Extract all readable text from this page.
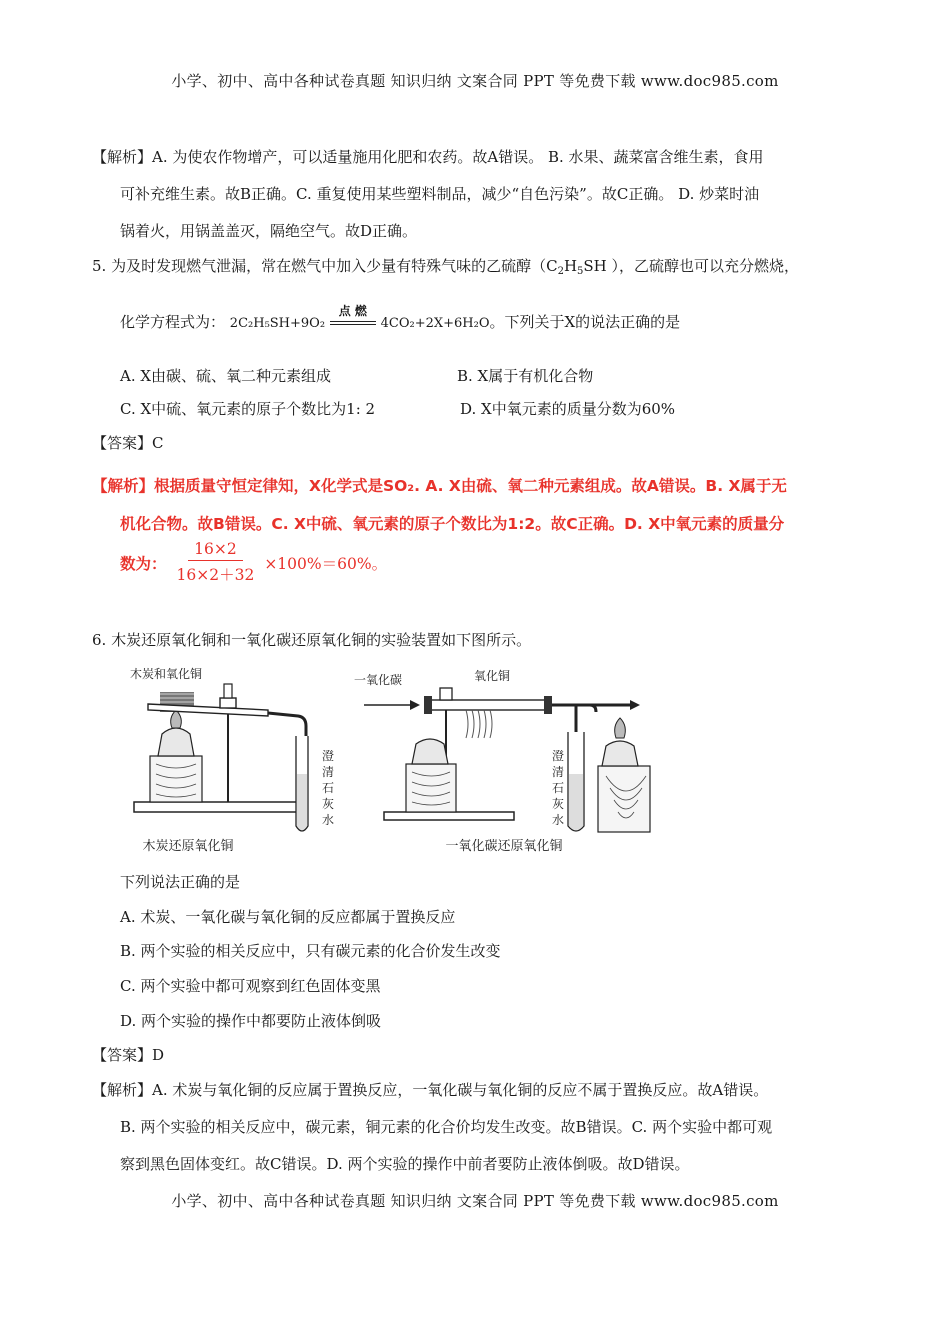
小学、初中、高中各种试卷真题 知识归纳 文案合同 PPT 等免费下载 www.doc985.com
【解析】A. 为使农作物增产，可以适量施用化肥和农药。故A错误。 B. 水果、蔬菜富含维生素，食用
可补充维生素。故B正确。C. 重复使用某些塑料制品，减少“自色污染”。故C正确。 D. 炒菜时油
锅着火，用锅盖盖灭，隔绝空气。故D正确。
5. 为及时发现燃气泄漏，常在燃气中加入少量有特殊气味的乙硫醇（$C_2H_5SH$ ），乙硫醇也可以充分燃烧，
化学方程式为： 2C₂H₅SH+9O₂
点 燃
4CO₂+2X+6H₂O。下列关于X的说法正确的是
A. X由碳、硫、氧二种元素组成	B. X属于有机化合物
C. X中硫、氧元素的原子个数比为1: 2	D. X中氧元素的质量分数为60%
【答案】C
【解析】根据质量守恒定律知，X化学式是SO₂. A. X由硫、氧二种元素组成。故A错误。B. X属于无
机化合物。故B错误。C. X中硫、氧元素的原子个数比为1:2。故C正确。D. X中氧元素的质量分
数为： $\frac{16\times 2}{16\times 2+32} \times 100\%=60\%$。
6. 木炭还原氧化铜和一氧化碳还原氧化铜的实验装置如下图所示。
木炭还原氧化铜
木炭和氧化铜
澄
清
石
灰
水
一氧化碳	氧化铜
澄
清
石
灰
水
一氧化碳还原氧化铜
下列说法正确的是
A. 术炭、一氧化碳与氧化铜的反应都属于置换反应
B. 两个实验的相关反应中，只有碳元素的化合价发生改变
C. 两个实验中都可观察到红色固体变黑
D. 两个实验的操作中都要防止液体倒吸
【答案】D
【解析】A. 术炭与氧化铜的反应属于置换反应，一氧化碳与氧化铜的反应不属于置换反应。故A错误。
B. 两个实验的相关反应中，碳元素，铜元素的化合价均发生改变。故B错误。C. 两个实验中都可观
察到黑色固体变红。故C错误。D. 两个实验的操作中前者要防止液体倒吸。故D错误。
小学、初中、高中各种试卷真题 知识归纳 文案合同 PPT 等免费下载 www.doc985.com
